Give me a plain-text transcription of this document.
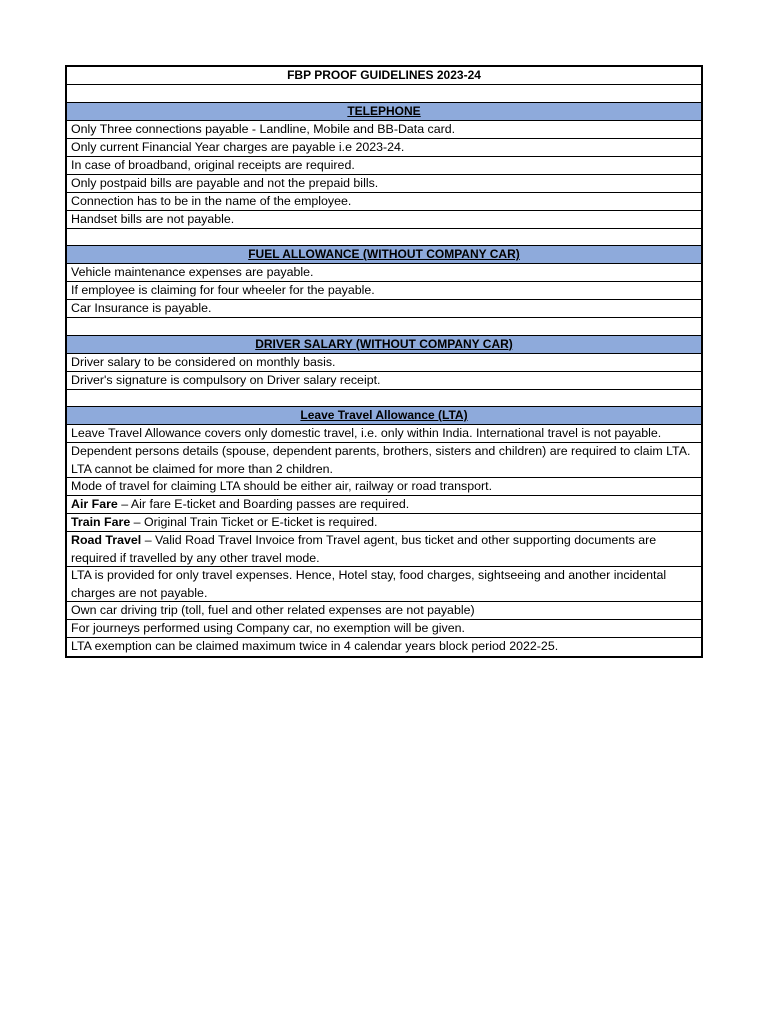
FBP PROOF GUIDELINES 2023-24
TELEPHONE
Only Three connections payable - Landline, Mobile and BB-Data card.
Only current Financial Year charges are payable i.e 2023-24.
In case of broadband, original receipts are required.
Only postpaid bills are payable and not the prepaid bills.
Connection has to be in the name of the employee.
Handset bills are not payable.
FUEL ALLOWANCE (WITHOUT COMPANY CAR)
Vehicle maintenance expenses are payable.
If employee is claiming for four wheeler for the payable.
Car Insurance is payable.
DRIVER SALARY (WITHOUT COMPANY CAR)
Driver salary to be considered on monthly basis.
Driver's signature is compulsory on Driver salary receipt.
Leave Travel Allowance (LTA)
Leave Travel Allowance covers only domestic travel, i.e. only within India. International travel is not payable.
Dependent persons details (spouse, dependent parents, brothers, sisters and children) are required to claim LTA. LTA cannot be claimed for more than 2 children.
Mode of travel for claiming LTA should be either air, railway or road transport.
Air Fare – Air fare E-ticket and Boarding passes are required.
Train Fare – Original Train Ticket or E-ticket is required.
Road Travel – Valid Road Travel Invoice from Travel agent, bus ticket and other supporting documents are required if travelled by any other travel mode.
LTA is provided for only travel expenses. Hence, Hotel stay, food charges, sightseeing and another incidental charges are not payable.
Own car driving trip (toll, fuel and other related expenses are not payable)
For journeys performed using Company car, no exemption will be given.
LTA exemption can be claimed maximum twice in 4 calendar years block period 2022-25.
